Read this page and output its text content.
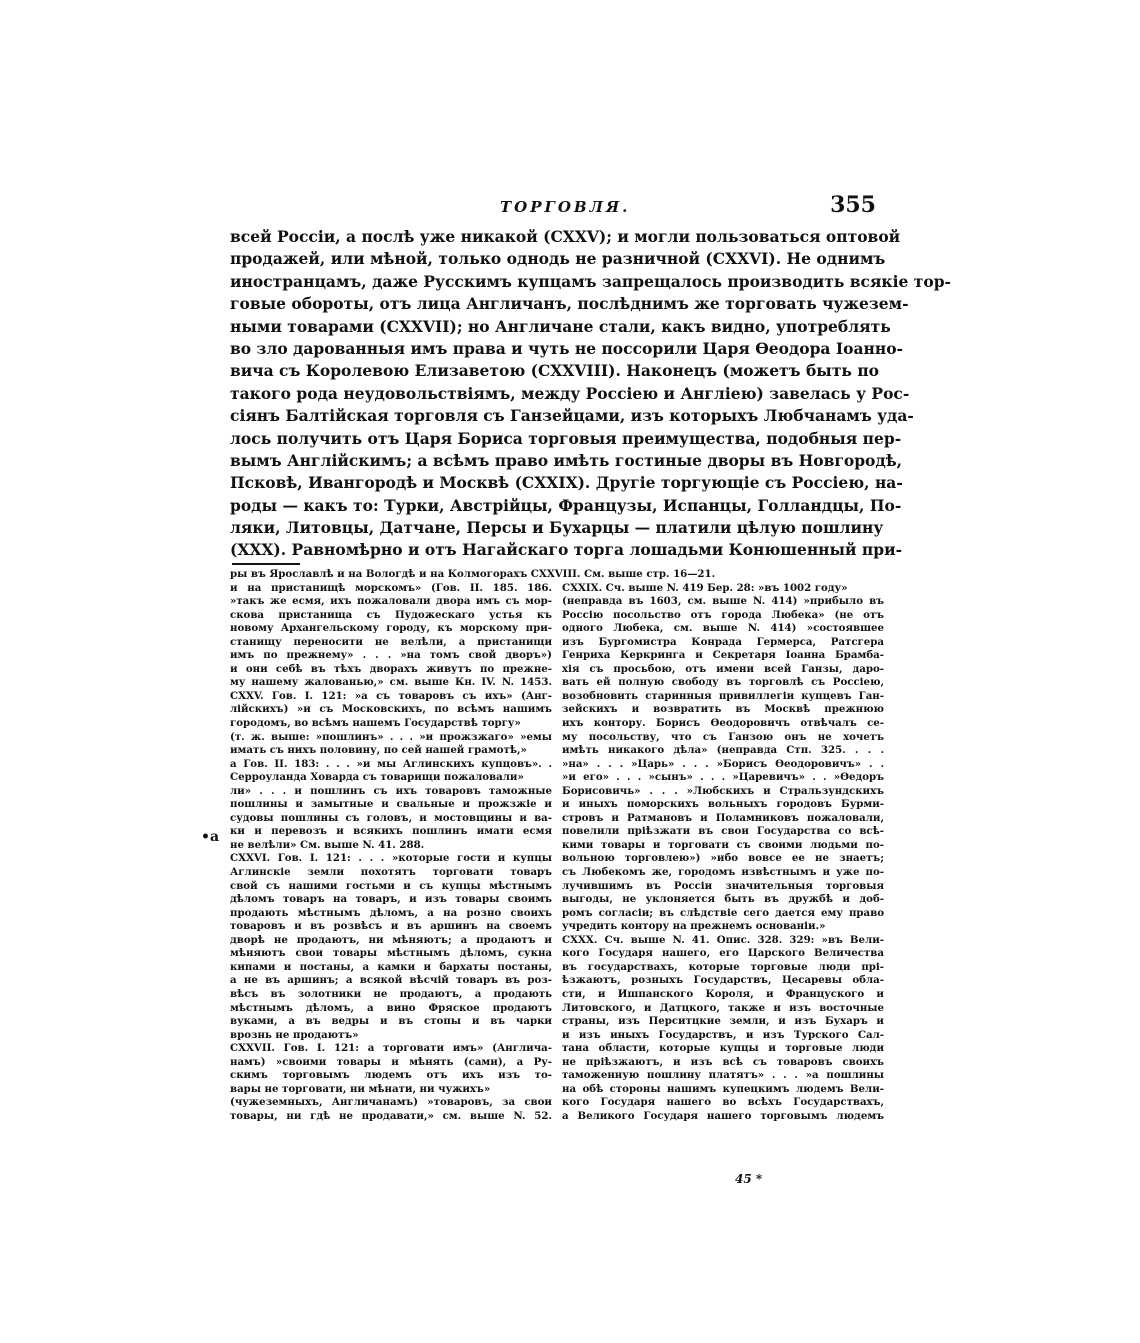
ТОРГОВЛЯ.	355
всей Россіи, а послѣ уже никакой (CXXV); и могли пользоваться оптовой
продажей, или мѣной, только однодь не разничной (CXXVI). Не однимъ
иностранцамъ, даже Русскимъ купцамъ запрещалось производить всякіе тор-
говые обороты, отъ лица Англичанъ, послѣднимъ же торговать чужезем-
ными товарами (CXXVII); но Англичане стали, какъ видно, употреблять
во зло дарованныя имъ права и чуть не поссорили Царя Ѳеодора Іоанно-
вича съ Королевою Елизаветою (CXXVIII). Наконецъ (можетъ быть по
такого рода неудовольствіямъ, между Россіею и Англіею) завелась у Рос-
сіянъ Балтійская торговля съ Ганзейцами, изъ которыхъ Любчанамъ уда-
лось получить отъ Царя Бориса торговыя преимущества, подобныя пер-
вымъ Англійскимъ; а всѣмъ право имѣть гостиные дворы въ Новгородѣ,
Псковѣ, Ивангородѣ и Москвѣ (CXXIX). Другіе торгующіе съ Россіею, на-
роды — какъ то: Турки, Австрійцы, Французы, Испанцы, Голландцы, По-
ляки, Литовцы, Датчане, Персы и Бухарцы — платили цѣлую пошлину
(XXX). Равномѣрно и отъ Нагайскаго торга лошадьми Конюшенный при-
ры въ Ярославлѣ и на Вологдѣ и на Колмогорахъ CXXVIII. См. выше стр. 16—21.
и на пристанищѣ морскомъ» (Гов. II. 185. 186.
»такъ же есмя, ихъ пожаловали двора имъ съ мор-
скова пристанища съ Пудожескаго устья къ
новому Архангельскому городу, къ морскому при-
станищу переносити не велѣли, а пристанищи
имъ по прежнему» . . . »на томъ свой дворъ»)
и они себѣ въ тѣхъ дворахъ живутъ по прежне-
му нашему жалованью,» см. выше Кн. IV. N. 1453.
CXXV. Гов. I. 121: »а съ товаровъ съ ихъ» (Анг-
лійскихъ) »и съ Московскихъ, по всѣмъ нашимъ
городомъ, во всѣмъ нашемъ Государствѣ торгу»
(т. ж. выше: »пошлинъ» . . . »и прожзжаго» »емы
имать съ нихъ половину, по сей нашей грамотѣ,»
а Гов. II. 183: . . . »и мы Аглинскихъ купцовъ». .
Серроуланда Ховарда съ товарищи пожаловали»
ли» . . . и пошлинъ съ ихъ товаровъ таможные
пошлины и замытные и свальные и прожзжіе и
судовы пошлины съ головъ, и мостовщины и ва-
ки и перевозъ и всякихъ пошлинъ имати есмя
не велѣли» См. выше N. 41. 288.
CXXVI. Гов. I. 121: . . . »которые гости и купцы
Аглинскіе земли похотятъ торговати товаръ
свой съ нашими гостьми и съ купцы мѣстнымъ
дѣломъ товаръ на товаръ, и изъ товары своимъ
продають мѣстнымъ дѣломъ, а на розно своихъ
товаровъ и въ розвѣсъ и въ аршинъ на своемъ
дворѣ не продаютъ, ни мѣняютъ; а продаютъ и
мѣняютъ свои товары мѣстнымъ дѣломъ, сукна
кипами и постаны, а камки и бархаты постаны,
а не въ аршинъ; а всякой вѣсчій товаръ въ роз-
вѣсъ въ золотники не продаютъ, а продають
мѣстнымъ дѣломъ, а вино Фряское продаютъ
вуками, а въ ведры и въ стопы и въ чарки
врознь не продаютъ»
CXXVII. Гов. I. 121: а торговати имъ» (Англича-
намъ) »своими товары и мѣнять (сами), а Ру-
скимъ торговымъ людемъ отъ ихъ изъ то-
вары не торговати, ни мѣнати, ни чужихъ»
(чужеземныхъ, Англичанамъ) »товаровъ, за свои
товары, ни гдѣ не продавати,» см. выше N. 52.
CXXIX. Сч. выше N. 419 Бер. 28: »въ 1002 году»
(неправда въ 1603, см. выше N. 414) »прибыло въ
Россію посольство отъ города Любека» (не отъ
одного Любека, см. выше N. 414) »состоявшее
изъ Бургомистра Конрада Гермерса, Ратсгера
Генриха Керкринга и Секретаря Іоанна Брамба-
хія съ просьбою, отъ имени всей Ганзы, даро-
вать ей полную свободу въ торговлѣ съ Россіею,
возобновить старинныя привиллегіи купцевъ Ган-
зейскихъ и возвратить въ Москвѣ прежнюю
ихъ контору. Борисъ Ѳеодоровичъ отвѣчалъ се-
му посольству, что съ Ганзою онъ не хочетъ
имѣть никакого дѣла» (неправда Стп. 325. . . .
»на» . . . »Царь» . . . »Борисъ Ѳеодоровичъ» . .
»и его» . . . »сынъ» . . . »Царевичъ» . . »Ѳедоръ
Борисовичь» . . . »Любскихъ и Стральзундскихъ
и иныхъ поморскихъ вольныхъ городовъ Бурми-
стровъ и Ратмановъ и Поламниковъ пожаловали,
повелили пріѣзжати въ свои Государства со всѣ-
кими товары и торговати съ своими людьми по-
вольною торговлею») »ибо вовсе ее не знаетъ;
съ Любекомъ же, городомъ извѣстнымъ и уже по-
лучившимъ въ Россіи значительныя торговыя
выгоды, не уклоняется быть въ дружбѣ и доб-
ромъ согласіи; въ слѣдствіе сего дается ему право
учредить контору на прежнемъ основаніи.»
CXXX. Сч. выше N. 41. Опис. 328. 329: »въ Вели-
кого Государя нашего, его Царского Величества
въ государствахъ, которые торговые люди прі-
ѣзжаютъ, розныхъ Государствъ, Цесаревы обла-
сти, и Ишпанского Короля, и Француского и
Литовского, и Датцкого, также и изъ восточные
страны, изъ Перситцкие земли, и изъ Бухаръ и
и изъ иныхъ Государствъ, и изъ Турского Сал-
тана области, которые купцы и торговые люди
не пріѣзжаютъ, и изъ всѣ съ товаровъ своихъ
таможенную пошлину платятъ» . . . »а пошлины
на обѣ стороны нашимъ купецкимъ людемъ Вели-
кого Государя нашего во всѣхъ Государствахъ,
а Великого Государя нашего торговымъ людемъ
•а
45 *
